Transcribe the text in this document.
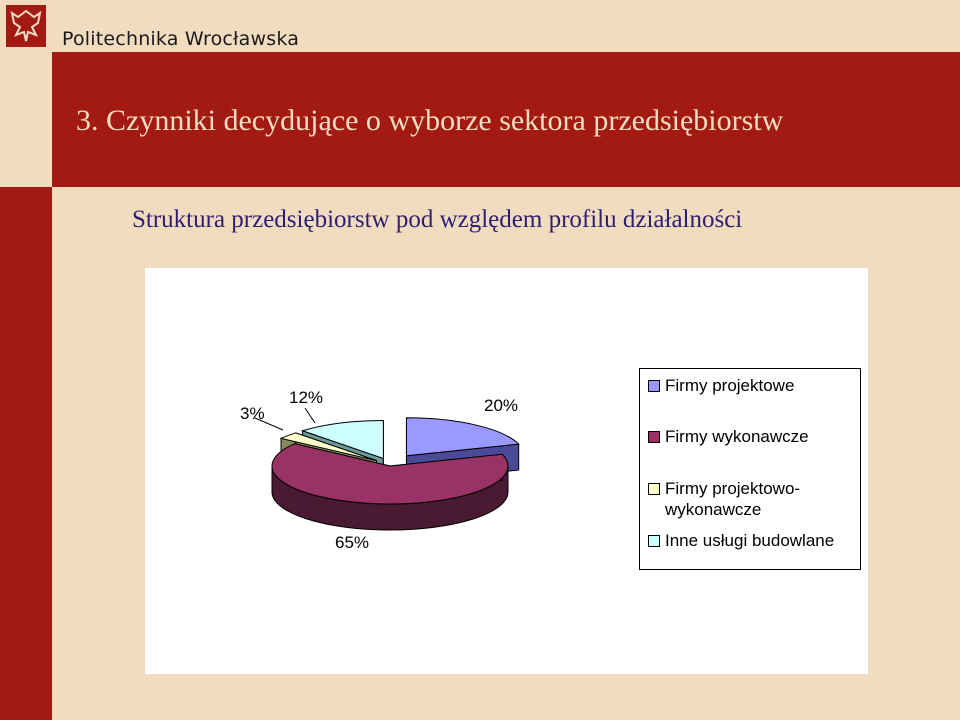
Politechnika Wrocławska
3. Czynniki decydujące o wyborze sektora przedsiębiorstw
Struktura przedsiębiorstw pod względem profilu działalności
20%
65%
3%
12%
Firmy projektowe
Firmy wykonawcze
Firmy projektowo-
wykonawcze
Inne usługi budowlane
